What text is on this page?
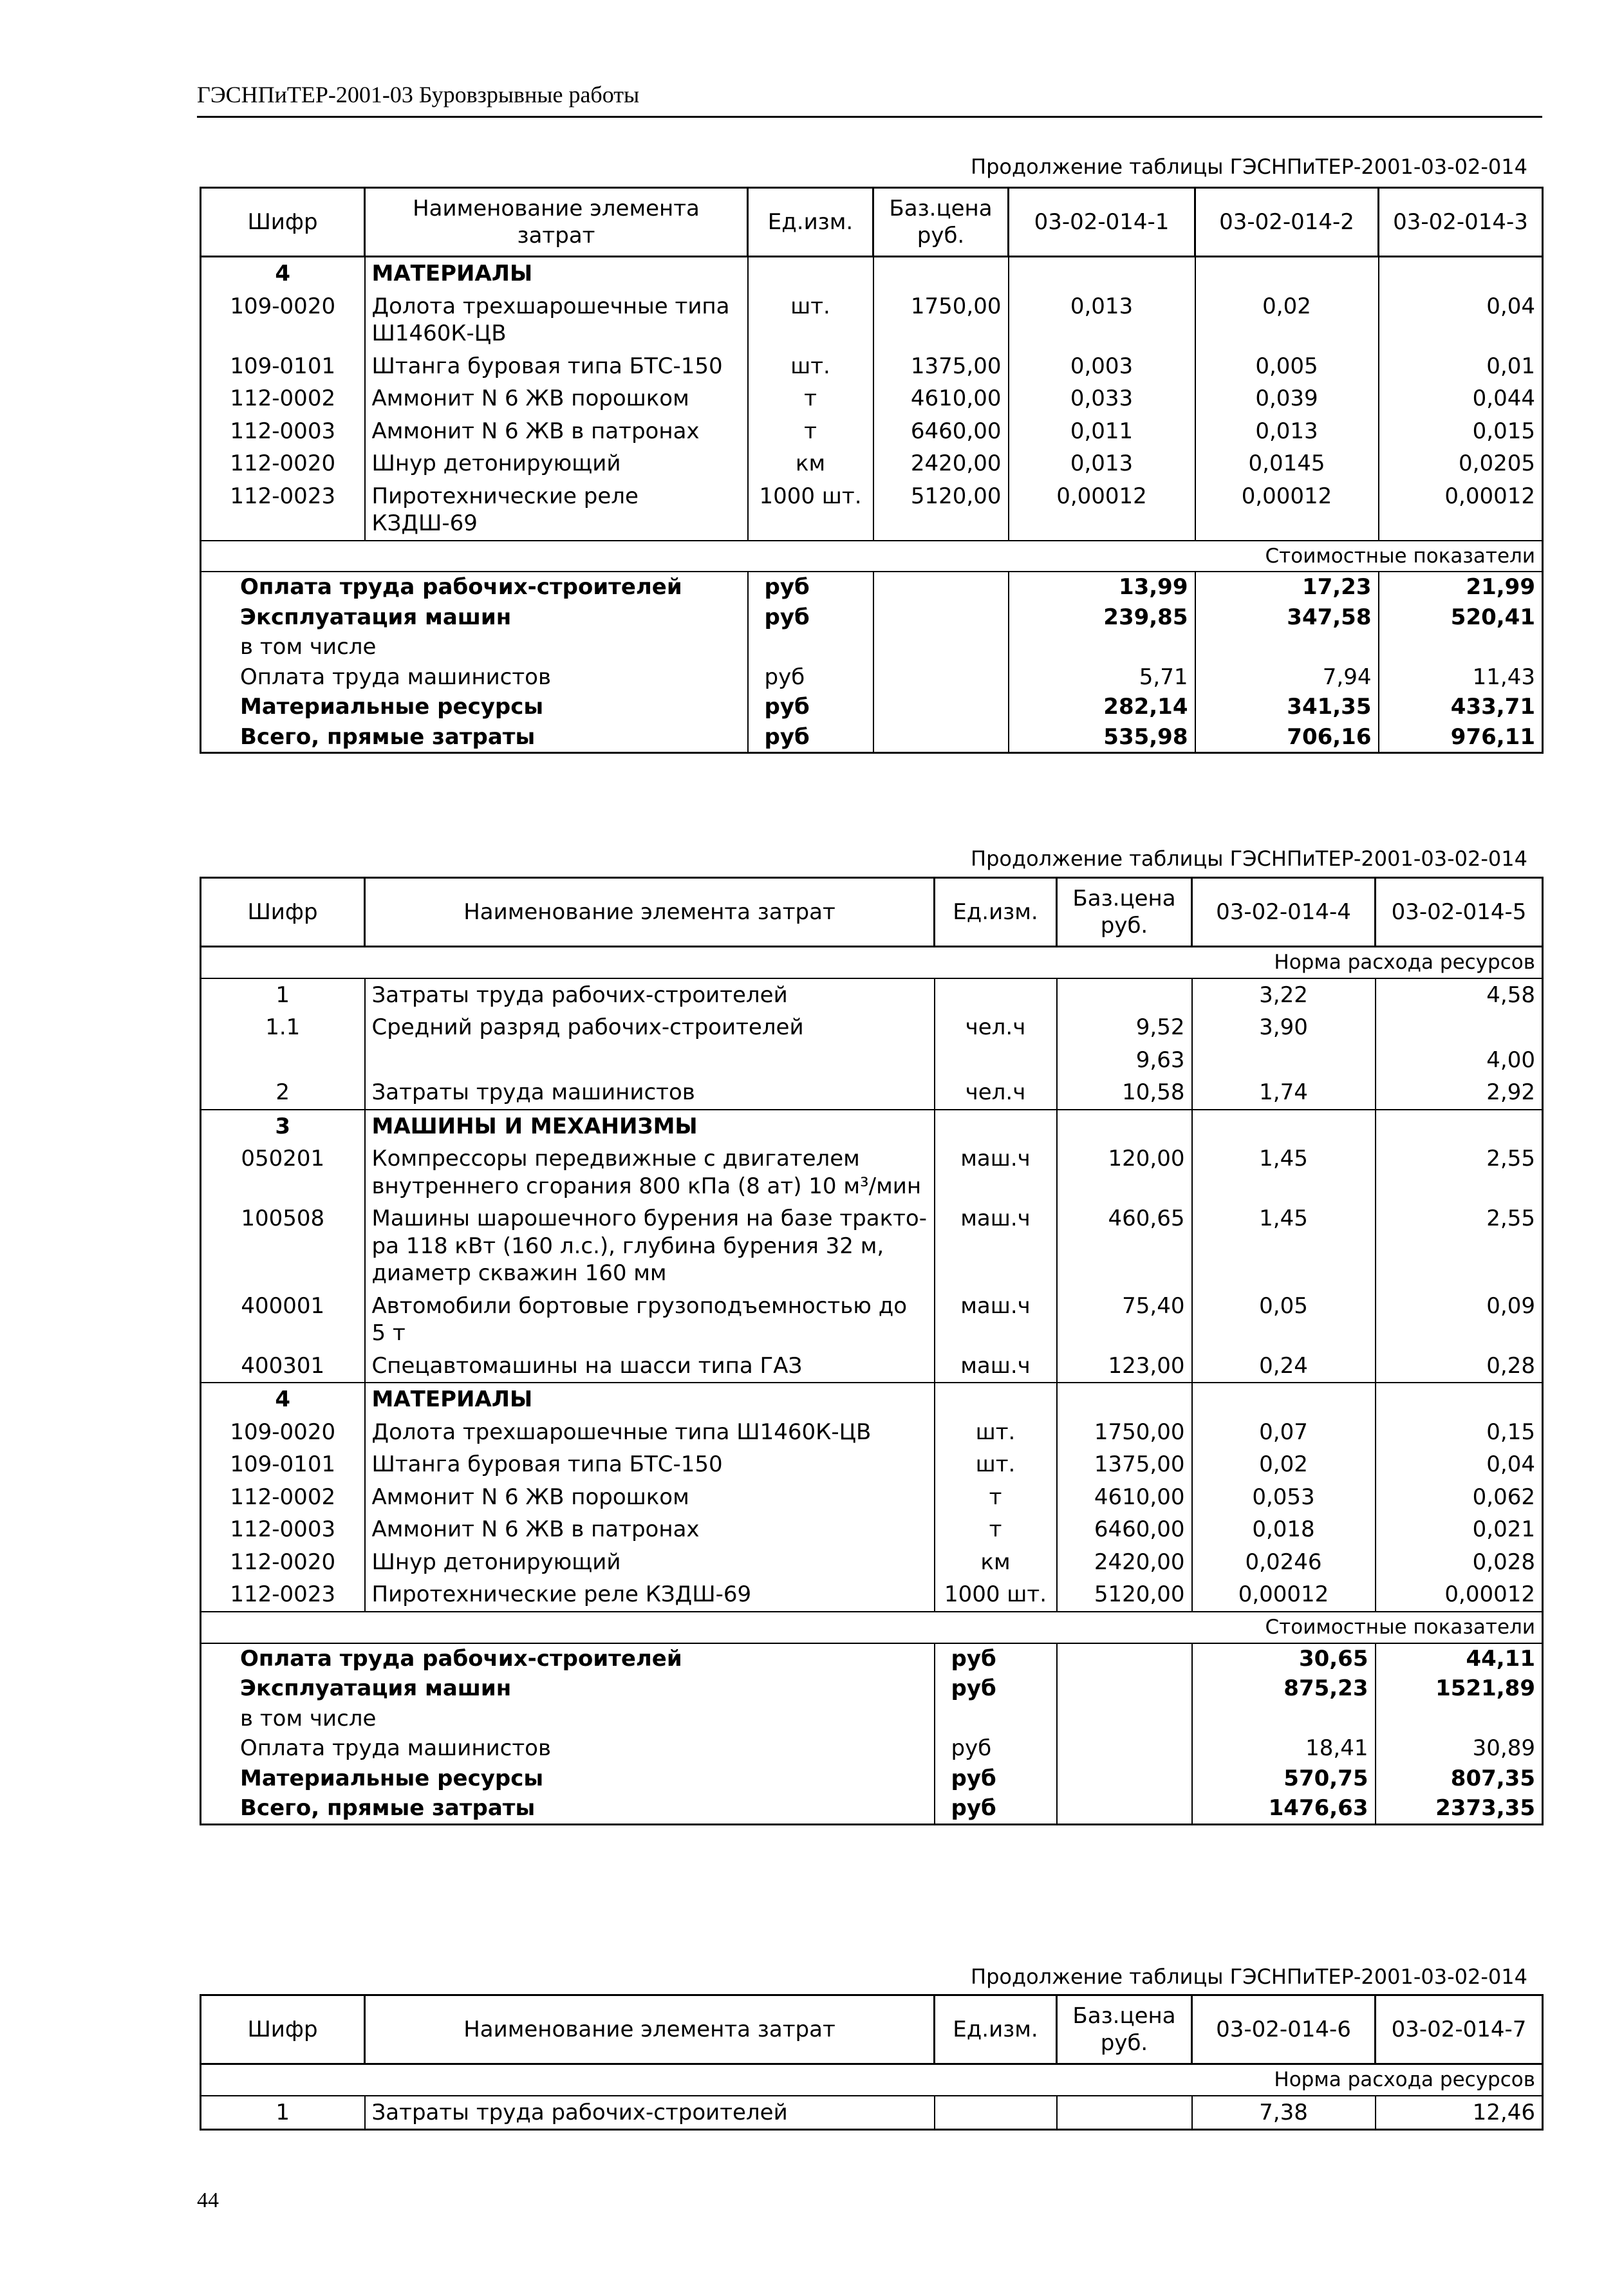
ГЭСНПиТЕР-2001-03 Буровзрывные работы
Продолжение таблицы ГЭСНПиТЕР-2001-03-02-014
Шифр	Наименование элемента затрат	Ед.изм.	Баз.цена руб.	03-02-014-1	03-02-014-2	03-02-014-3
4	МАТЕРИАЛЫ					
109-0020	Долота трехшарошечные типа Ш1460К-ЦВ	шт.	1750,00	0,013	0,02	0,04
109-0101	Штанга буровая типа БТС-150	шт.	1375,00	0,003	0,005	0,01
112-0002	Аммонит N 6 ЖВ порошком	т	4610,00	0,033	0,039	0,044
112-0003	Аммонит N 6 ЖВ в патронах	т	6460,00	0,011	0,013	0,015
112-0020	Шнур детонирующий	км	2420,00	0,013	0,0145	0,0205
112-0023	Пиротехнические реле КЗДШ-69	1000 шт.	5120,00	0,00012	0,00012	0,00012
Стоимостные показатели						
Оплата труда рабочих-строителей		руб		13,99	17,23	21,99
Эксплуатация машин		руб		239,85	347,58	520,41
в том числе						
Оплата труда машинистов		руб		5,71	7,94	11,43
Материальные ресурсы		руб		282,14	341,35	433,71
Всего, прямые затраты		руб		535,98	706,16	976,11
Продолжение таблицы ГЭСНПиТЕР-2001-03-02-014
Шифр	Наименование элемента затрат	Ед.изм.	Баз.цена руб.	03-02-014-4	03-02-014-5
Норма расхода ресурсов					
1	Затраты труда рабочих-строителей			3,22	4,58
1.1	Средний разряд рабочих-строителей	чел.ч	9,52	3,90	
			9,63		4,00
2	Затраты труда машинистов	чел.ч	10,58	1,74	2,92
3	МАШИНЫ И МЕХАНИЗМЫ				
050201	Компрессоры передвижные с двигателем внутреннего сгорания 800 кПа (8 ат) 10 м³/мин	маш.ч	120,00	1,45	2,55
100508	Машины шарошечного бурения на базе тракто-ра 118 кВт (160 л.с.), глубина бурения 32 м, диаметр скважин 160 мм	маш.ч	460,65	1,45	2,55
400001	Автомобили бортовые грузоподъемностью до 5 т	маш.ч	75,40	0,05	0,09
400301	Спецавтомашины на шасси типа ГАЗ	маш.ч	123,00	0,24	0,28
4	МАТЕРИАЛЫ				
109-0020	Долота трехшарошечные типа Ш1460К-ЦВ	шт.	1750,00	0,07	0,15
109-0101	Штанга буровая типа БТС-150	шт.	1375,00	0,02	0,04
112-0002	Аммонит N 6 ЖВ порошком	т	4610,00	0,053	0,062
112-0003	Аммонит N 6 ЖВ в патронах	т	6460,00	0,018	0,021
112-0020	Шнур детонирующий	км	2420,00	0,0246	0,028
112-0023	Пиротехнические реле КЗДШ-69	1000 шт.	5120,00	0,00012	0,00012
Стоимостные показатели					
Оплата труда рабочих-строителей		руб		30,65	44,11
Эксплуатация машин		руб		875,23	1521,89
в том числе					
Оплата труда машинистов		руб		18,41	30,89
Материальные ресурсы		руб		570,75	807,35
Всего, прямые затраты		руб		1476,63	2373,35
Продолжение таблицы ГЭСНПиТЕР-2001-03-02-014
Шифр	Наименование элемента затрат	Ед.изм.	Баз.цена руб.	03-02-014-6	03-02-014-7
Норма расхода ресурсов					
1	Затраты труда рабочих-строителей			7,38	12,46
44
